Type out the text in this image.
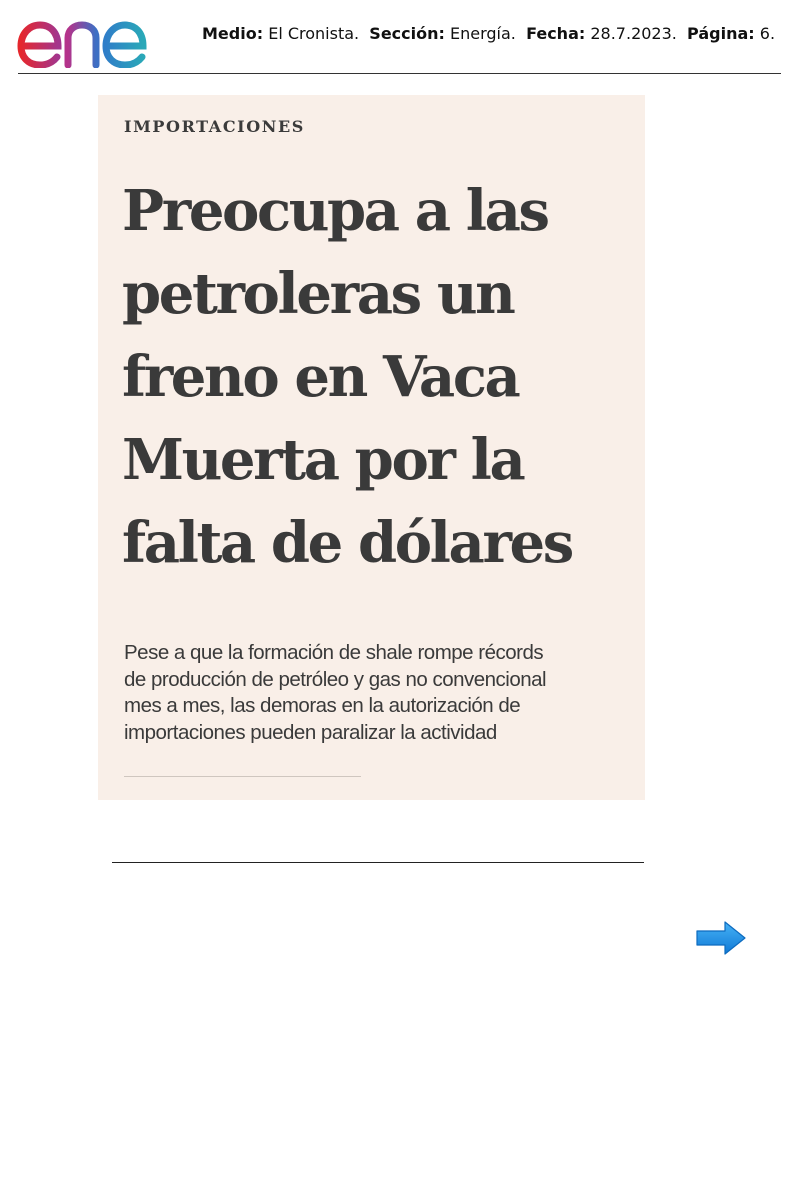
Medio: El Cronista. Sección: Energía. Fecha: 28.7.2023. Página: 6.
IMPORTACIONES
Preocupa a las
petroleras un
freno en Vaca
Muerta por la
falta de dólares
Pese a que la formación de shale rompe récords
de producción de petróleo y gas no convencional
mes a mes, las demoras en la autorización de
importaciones pueden paralizar la actividad
